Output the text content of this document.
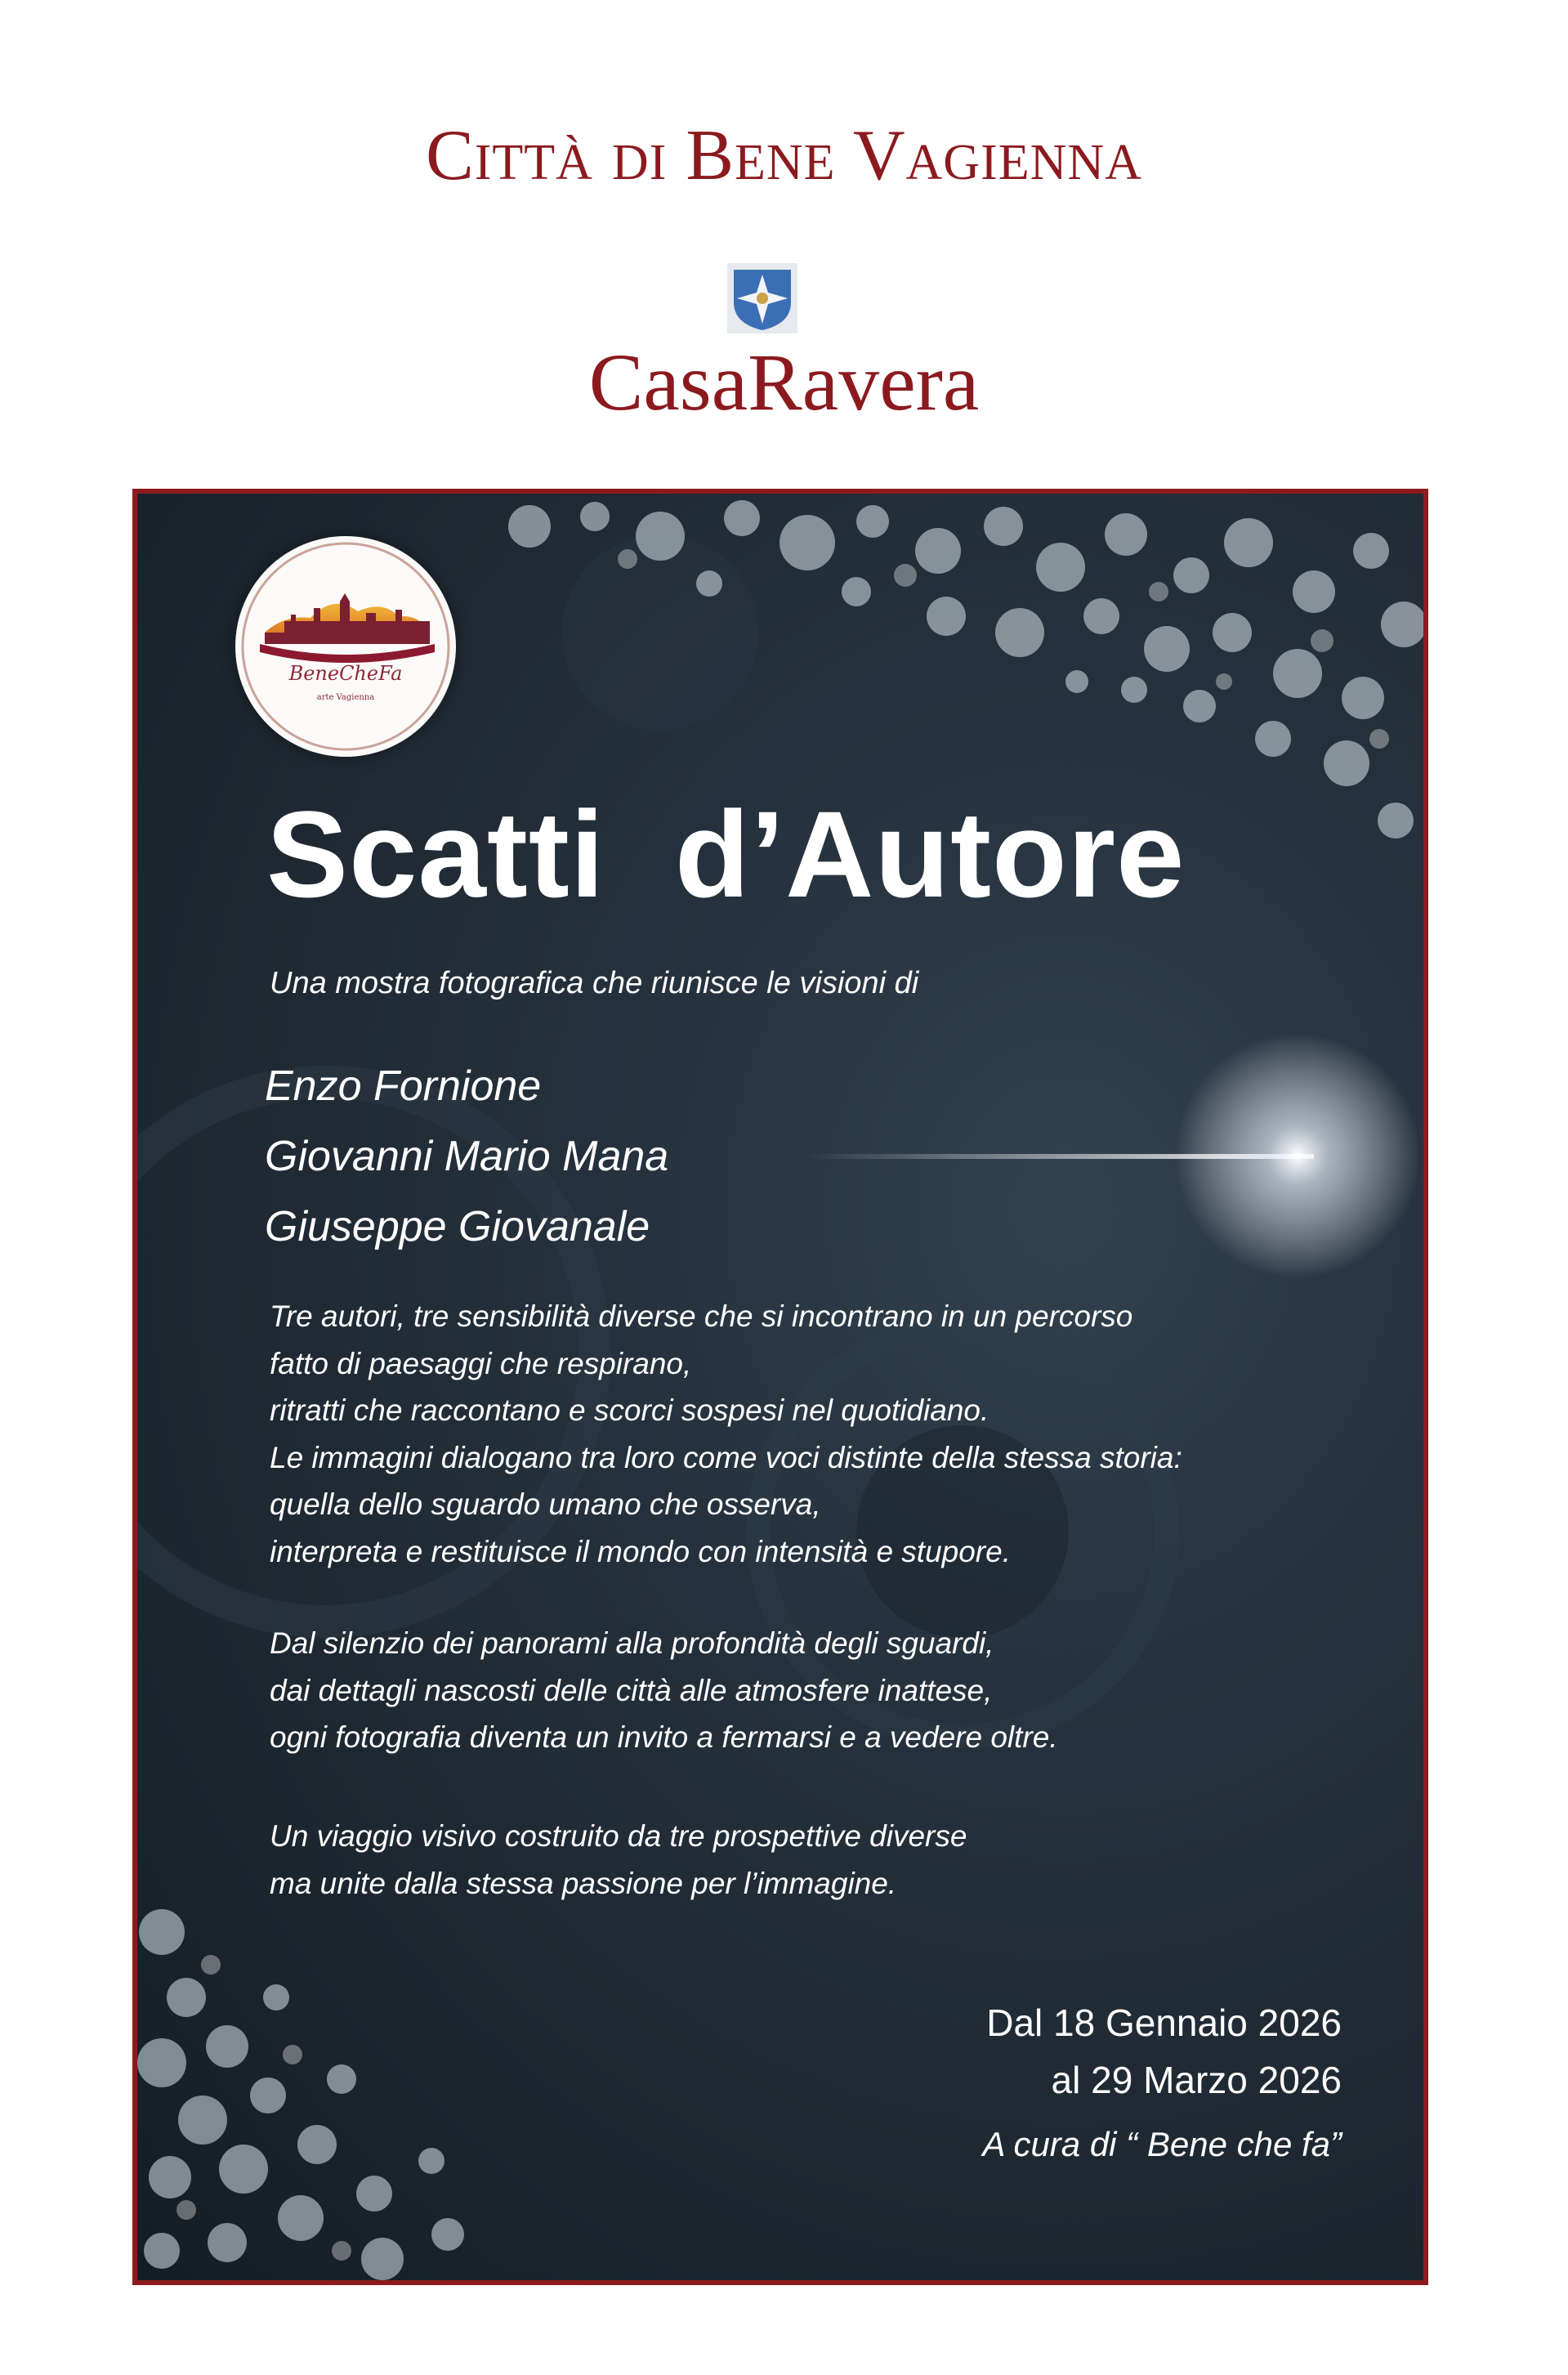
Città di Bene Vagienna
CasaRavera
BeneCheFa
arte Vagienna
Scatti  d’Autore
Una mostra fotografica che riunisce le visioni di
Enzo Fornione
Giovanni Mario Mana
Giuseppe Giovanale
Tre autori, tre sensibilità diverse che si incontrano in un percorso
fatto di paesaggi che respirano,
ritratti che raccontano e scorci sospesi nel quotidiano.
Le immagini dialogano tra loro come voci distinte della stessa storia:
quella dello sguardo umano che osserva,
interpreta e restituisce il mondo con intensità e stupore.
Dal silenzio dei panorami alla profondità degli sguardi,
dai dettagli nascosti delle città alle atmosfere inattese,
ogni fotografia diventa un invito a fermarsi e a vedere oltre.
Un viaggio visivo costruito da tre prospettive diverse
ma unite dalla stessa passione per l’immagine.
Dal 18 Gennaio 2026
al 29 Marzo 2026
A cura di “ Bene che fa”
